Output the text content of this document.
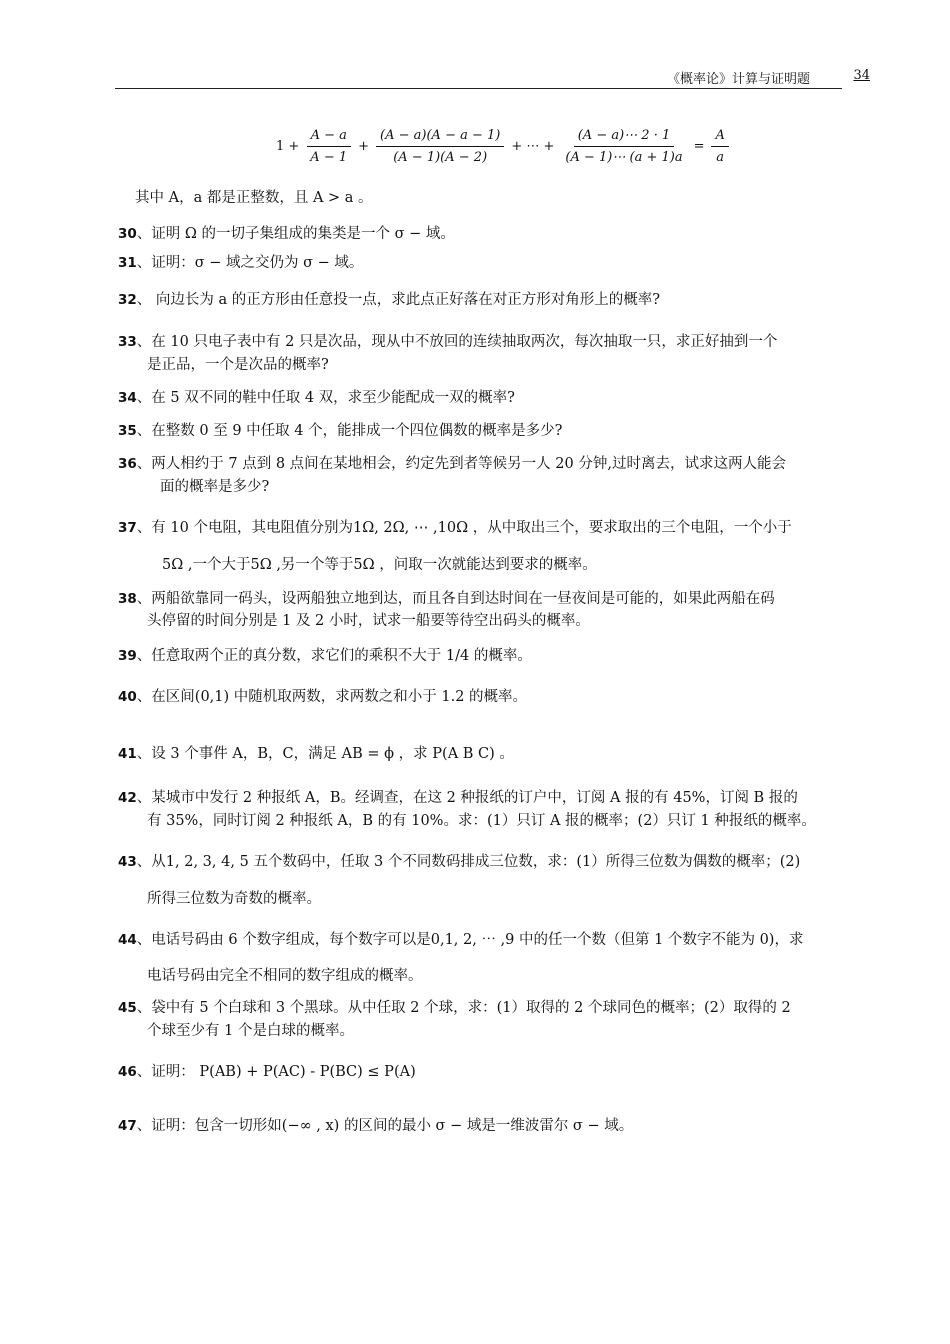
《概率论》计算与证明题	34
$1 + \frac{A - a}{A - 1} + \frac{(A - a)(A - a - 1)}{(A - 1)(A - 2)}$ + ⋯ + $\frac{(A - a)\cdots 2 \cdot 1}{(A - 1)\cdots (a + 1)a} = \frac{A}{a}$
其中 A，a 都是正整数，且 A > a 。
30、证明 Ω 的一切子集组成的集类是一个 σ − 域。
31、证明：σ − 域之交仍为 σ − 域。
32、 向边长为 a 的正方形由任意投一点，求此点正好落在对正方形对角形上的概率?
33、在 10 只电子表中有 2 只是次品，现从中不放回的连续抽取两次，每次抽取一只，求正好抽到一个
是正品，一个是次品的概率?
34、在 5 双不同的鞋中任取 4 双，求至少能配成一双的概率?
35、在整数 0 至 9 中任取 4 个，能排成一个四位偶数的概率是多少?
36、两人相约于 7 点到 8 点间在某地相会，约定先到者等候另一人 20 分钟,过时离去，试求这两人能会
面的概率是多少?
37、有 10 个电阻，其电阻值分别为1Ω, 2Ω, ⋯ ,10Ω ，从中取出三个，要求取出的三个电阻，一个小于
5Ω ,一个大于5Ω ,另一个等于5Ω ，问取一次就能达到要求的概率。
38、两船欲靠同一码头，设两船独立地到达，而且各自到达时间在一昼夜间是可能的，如果此两船在码
头停留的时间分别是 1 及 2 小时，试求一船要等待空出码头的概率。
39、任意取两个正的真分数，求它们的乘积不大于 1/4 的概率。
40、在区间(0,1) 中随机取两数，求两数之和小于 1.2 的概率。
41、设 3 个事件 A，B，C，满足 AB = ϕ ，求 P(A B C) 。
42、某城市中发行 2 种报纸 A，B。经调查，在这 2 种报纸的订户中，订阅 A 报的有 45%，订阅 B 报的
有 35%，同时订阅 2 种报纸 A，B 的有 10%。求：(1）只订 A 报的概率；(2）只订 1 种报纸的概率。
43、从1, 2, 3, 4, 5 五个数码中，任取 3 个不同数码排成三位数，求：(1）所得三位数为偶数的概率；(2)
所得三位数为奇数的概率。
44、电话号码由 6 个数字组成，每个数字可以是0,1, 2, ⋯ ,9 中的任一个数（但第 1 个数字不能为 0)，求
电话号码由完全不相同的数字组成的概率。
45、袋中有 5 个白球和 3 个黑球。从中任取 2 个球，求：(1）取得的 2 个球同色的概率；(2）取得的 2
个球至少有 1 个是白球的概率。
46、证明： P(AB) + P(AC) - P(BC) ≤ P(A)
47、证明：包含一切形如(−∞ , x) 的区间的最小 σ − 域是一维波雷尔 σ − 域。
